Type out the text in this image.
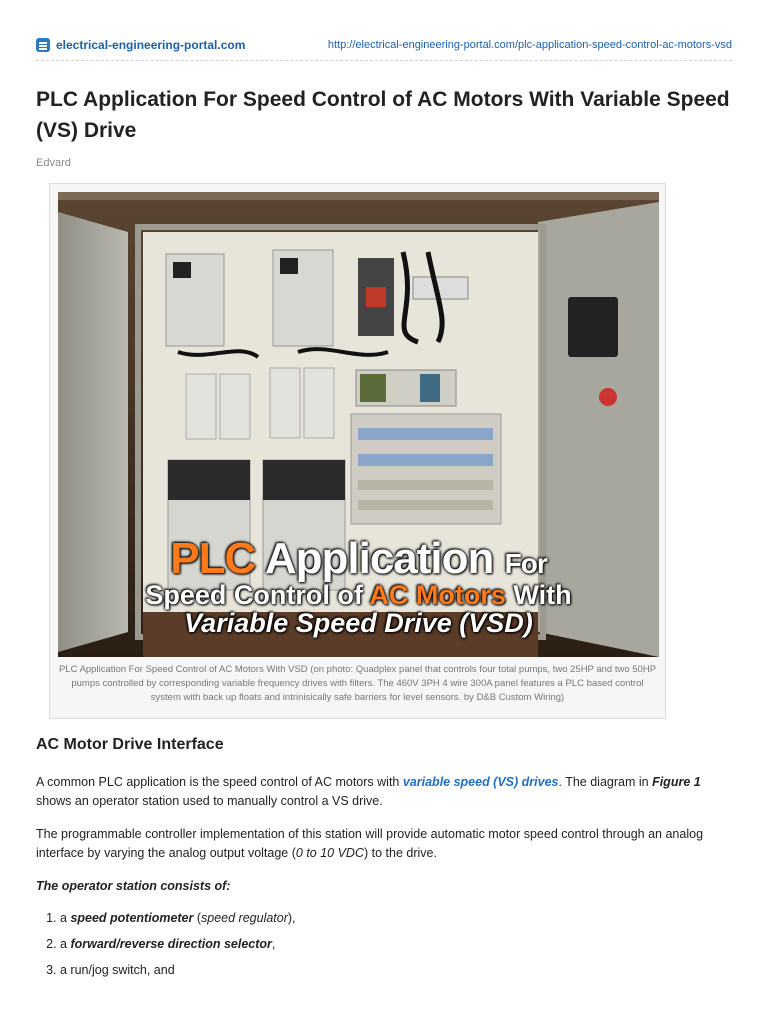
electrical-engineering-portal.com	http://electrical-engineering-portal.com/plc-application-speed-control-ac-motors-vsd
PLC Application For Speed Control of AC Motors With Variable Speed (VS) Drive
Edvard
PLC Application For
Speed Control of AC Motors With
Variable Speed Drive (VSD)
PLC Application For Speed Control of AC Motors With VSD (on photo: Quadplex panel that controls four total pumps, two 25HP and two 50HP pumps controlled by corresponding variable frequency drives with filters. The 460V 3PH 4 wire 300A panel features a PLC based control system with back up floats and intrinisically safe barriers for level sensors. by D&B Custom Wiring)
AC Motor Drive Interface

A common PLC application is the speed control of AC motors with variable speed (VS) drives. The diagram in Figure 1 shows an operator station used to manually control a VS drive.

The programmable controller implementation of this station will provide automatic motor speed control through an analog interface by varying the analog output voltage (0 to 10 VDC) to the drive.

The operator station consists of:

1. a speed potentiometer (speed regulator),
2. a forward/reverse direction selector,
3. a run/jog switch, and
